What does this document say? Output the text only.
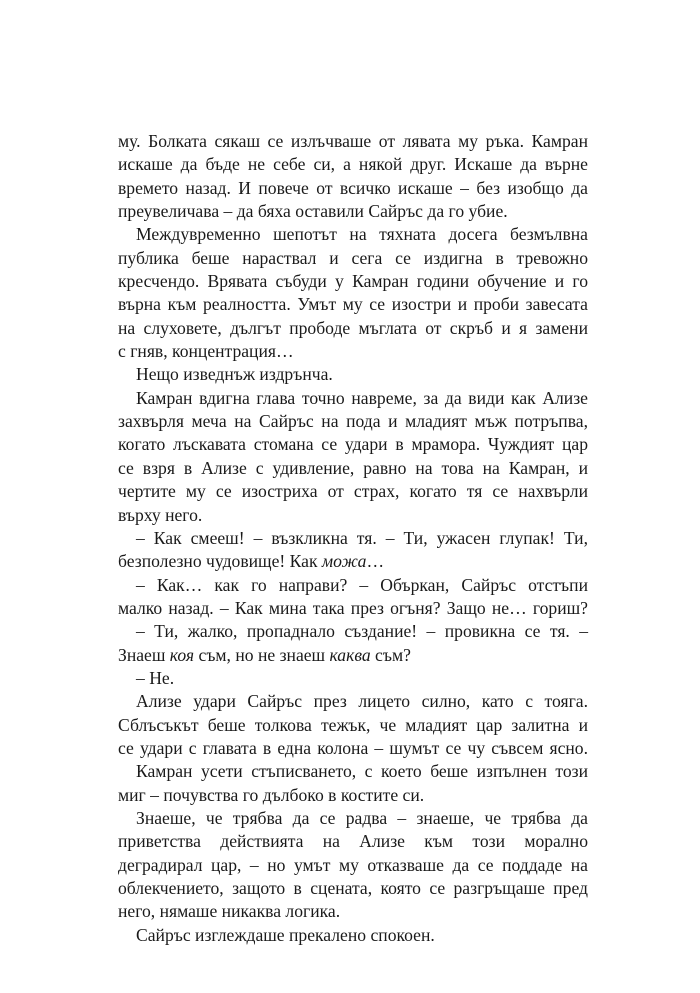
му. Болката сякаш се излъчваше от лявата му ръка. Камран
искаше да бъде не себе си, а някой друг. Искаше да върне
времето назад. И повече от всичко искаше – без изобщо да
преувеличава – да бяха оставили Сайръс да го убие.
Междувременно шепотът на тяхната досега безмълвна
публика беше нараствал и сега се издигна в тревожно
кресчендо. Врявата събуди у Камран години обучение и го
върна към реалността. Умът му се изостри и проби завесата
на слуховете, дългът прободе мъглата от скръб и я замени
с гняв, концентрация…
Нещо изведнъж издрънча.
Камран вдигна глава точно навреме, за да види как Ализе
захвърля меча на Сайръс на пода и младият мъж потръпва,
когато лъскавата стомана се удари в мрамора. Чуждият цар
се взря в Ализе с удивление, равно на това на Камран, и
чертите му се изостриха от страх, когато тя се нахвърли
върху него.
– Как смееш! – възкликна тя. – Ти, ужасен глупак! Ти,
безполезно чудовище! Как можа…
– Как… как го направи? – Объркан, Сайръс отстъпи
малко назад. – Как мина така през огъня? Защо не… гориш?
– Ти, жалко, пропаднало създание! – провикна се тя. –
Знаеш коя съм, но не знаеш каква съм?
– Не.
Ализе удари Сайръс през лицето силно, като с тояга.
Сблъсъкът беше толкова тежък, че младият цар залитна и
се удари с главата в една колона – шумът се чу съвсем ясно.
Камран усети стъписването, с което беше изпълнен този
миг – почувства го дълбоко в костите си.
Знаеше, че трябва да се радва – знаеше, че трябва да
приветства действията на Ализе към този морално
деградирал цар, – но умът му отказваше да се поддаде на
облекчението, защото в сцената, която се разгръщаше пред
него, нямаше никаква логика.
Сайръс изглеждаше прекалено спокоен.
